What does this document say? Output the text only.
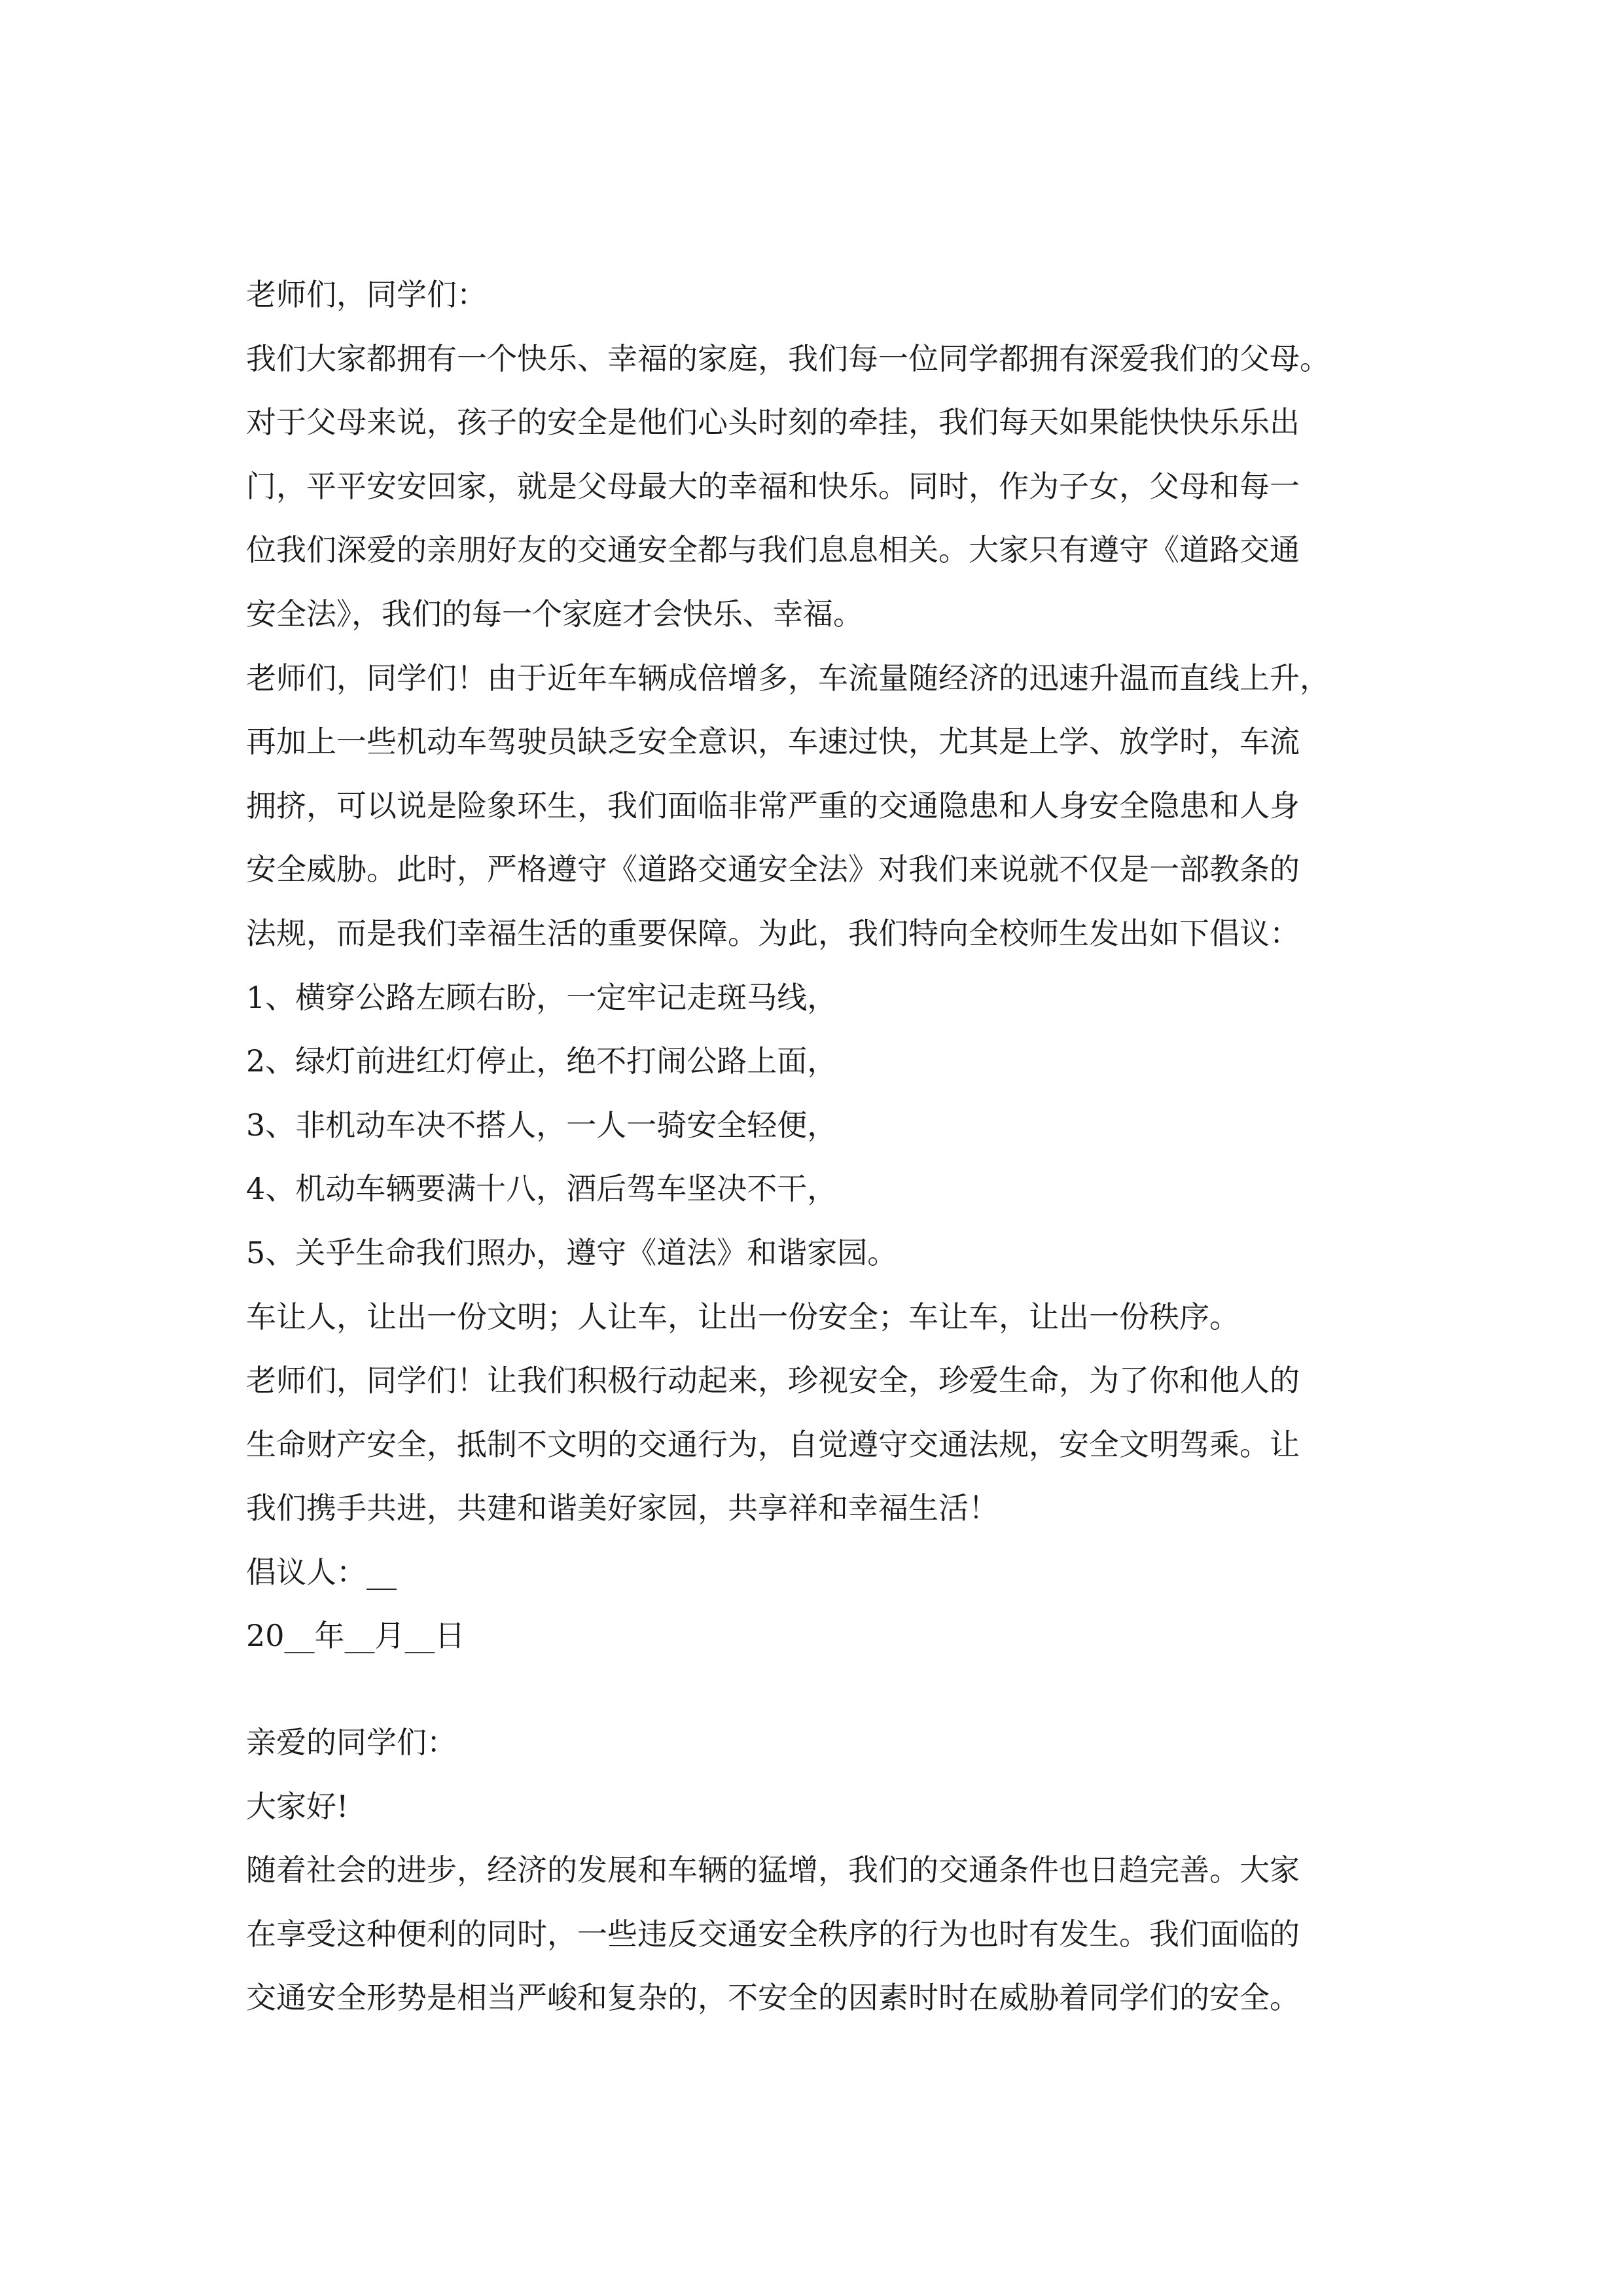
老师们，同学们：
我们大家都拥有一个快乐、幸福的家庭，我们每一位同学都拥有深爱我们的父母。
对于父母来说，孩子的安全是他们心头时刻的牵挂，我们每天如果能快快乐乐出
门，平平安安回家，就是父母最大的幸福和快乐。同时，作为子女，父母和每一
位我们深爱的亲朋好友的交通安全都与我们息息相关。大家只有遵守《道路交通
安全法》，我们的每一个家庭才会快乐、幸福。
老师们，同学们！由于近年车辆成倍增多，车流量随经济的迅速升温而直线上升，
再加上一些机动车驾驶员缺乏安全意识，车速过快，尤其是上学、放学时，车流
拥挤，可以说是险象环生，我们面临非常严重的交通隐患和人身安全隐患和人身
安全威胁。此时，严格遵守《道路交通安全法》对我们来说就不仅是一部教条的
法规，而是我们幸福生活的重要保障。为此，我们特向全校师生发出如下倡议：
1、横穿公路左顾右盼，一定牢记走斑马线，
2、绿灯前进红灯停止，绝不打闹公路上面，
3、非机动车决不搭人，一人一骑安全轻便，
4、机动车辆要满十八，酒后驾车坚决不干，
5、关乎生命我们照办，遵守《道法》和谐家园。
车让人，让出一份文明；人让车，让出一份安全；车让车，让出一份秩序。
老师们，同学们！让我们积极行动起来，珍视安全，珍爱生命，为了你和他人的
生命财产安全，抵制不文明的交通行为，自觉遵守交通法规，安全文明驾乘。让
我们携手共进，共建和谐美好家园，共享祥和幸福生活！
倡议人：__
20__年__月__日
亲爱的同学们：
大家好!
随着社会的进步，经济的发展和车辆的猛增，我们的交通条件也日趋完善。大家
在享受这种便利的同时，一些违反交通安全秩序的行为也时有发生。我们面临的
交通安全形势是相当严峻和复杂的，不安全的因素时时在威胁着同学们的安全。
